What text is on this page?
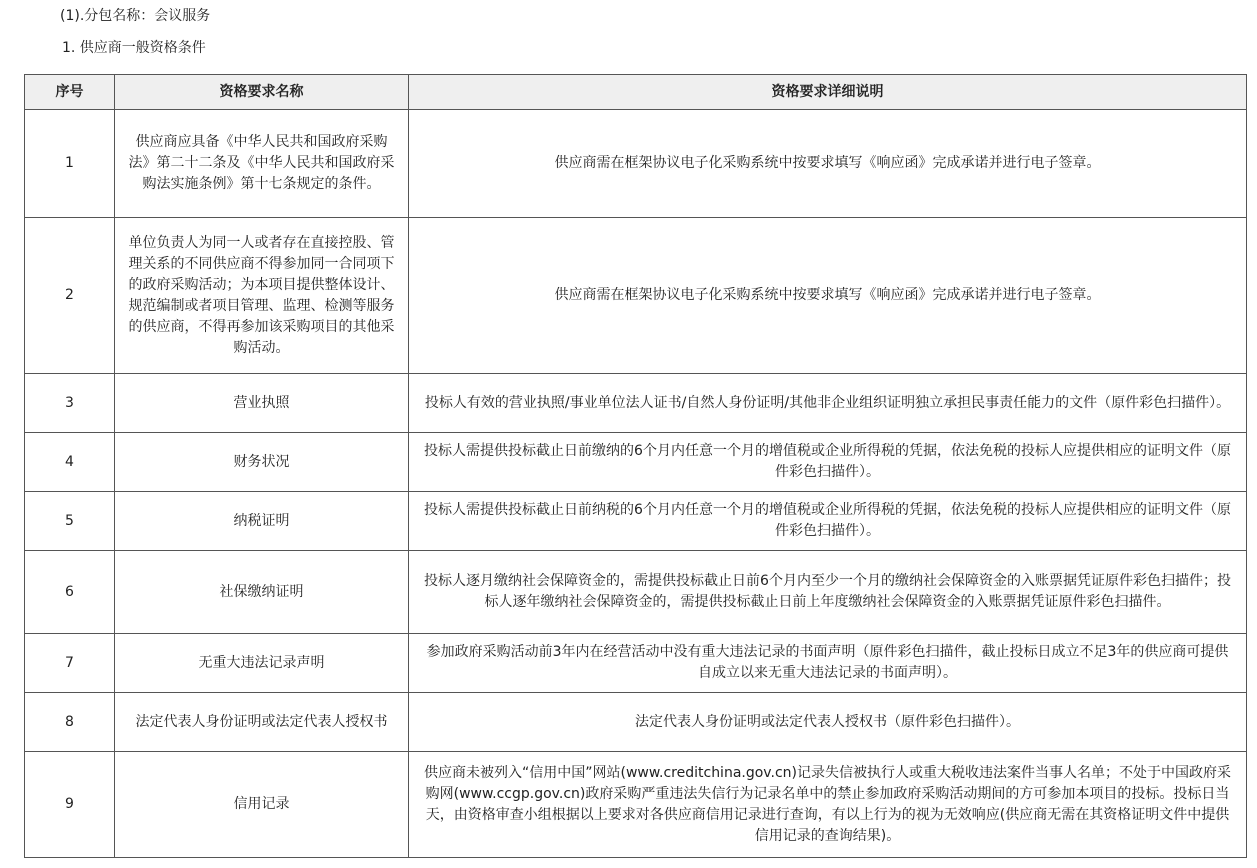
(1).分包名称：会议服务
1. 供应商一般资格条件
序号	资格要求名称	资格要求详细说明
1	供应商应具备《中华人民共和国政府采购法》第二十二条及《中华人民共和国政府采购法实施条例》第十七条规定的条件。	供应商需在框架协议电子化采购系统中按要求填写《响应函》完成承诺并进行电子签章。
2	单位负责人为同一人或者存在直接控股、管理关系的不同供应商不得参加同一合同项下的政府采购活动；为本项目提供整体设计、规范编制或者项目管理、监理、检测等服务的供应商，不得再参加该采购项目的其他采购活动。	供应商需在框架协议电子化采购系统中按要求填写《响应函》完成承诺并进行电子签章。
3	营业执照	投标人有效的营业执照/事业单位法人证书/自然人身份证明/其他非企业组织证明独立承担民事责任能力的文件（原件彩色扫描件）。
4	财务状况	投标人需提供投标截止日前缴纳的6个月内任意一个月的增值税或企业所得税的凭据，依法免税的投标人应提供相应的证明文件（原件彩色扫描件）。
5	纳税证明	投标人需提供投标截止日前纳税的6个月内任意一个月的增值税或企业所得税的凭据，依法免税的投标人应提供相应的证明文件（原件彩色扫描件）。
6	社保缴纳证明	投标人逐月缴纳社会保障资金的，需提供投标截止日前6个月内至少一个月的缴纳社会保障资金的入账票据凭证原件彩色扫描件；投标人逐年缴纳社会保障资金的，需提供投标截止日前上年度缴纳社会保障资金的入账票据凭证原件彩色扫描件。
7	无重大违法记录声明	参加政府采购活动前3年内在经营活动中没有重大违法记录的书面声明（原件彩色扫描件，截止投标日成立不足3年的供应商可提供自成立以来无重大违法记录的书面声明）。
8	法定代表人身份证明或法定代表人授权书	法定代表人身份证明或法定代表人授权书（原件彩色扫描件）。
9	信用记录	供应商未被列入“信用中国”网站(www.creditchina.gov.cn)记录失信被执行人或重大税收违法案件当事人名单；不处于中国政府采购网(www.ccgp.gov.cn)政府采购严重违法失信行为记录名单中的禁止参加政府采购活动期间的方可参加本项目的投标。投标日当天，由资格审查小组根据以上要求对各供应商信用记录进行查询，有以上行为的视为无效响应(供应商无需在其资格证明文件中提供信用记录的查询结果)。
